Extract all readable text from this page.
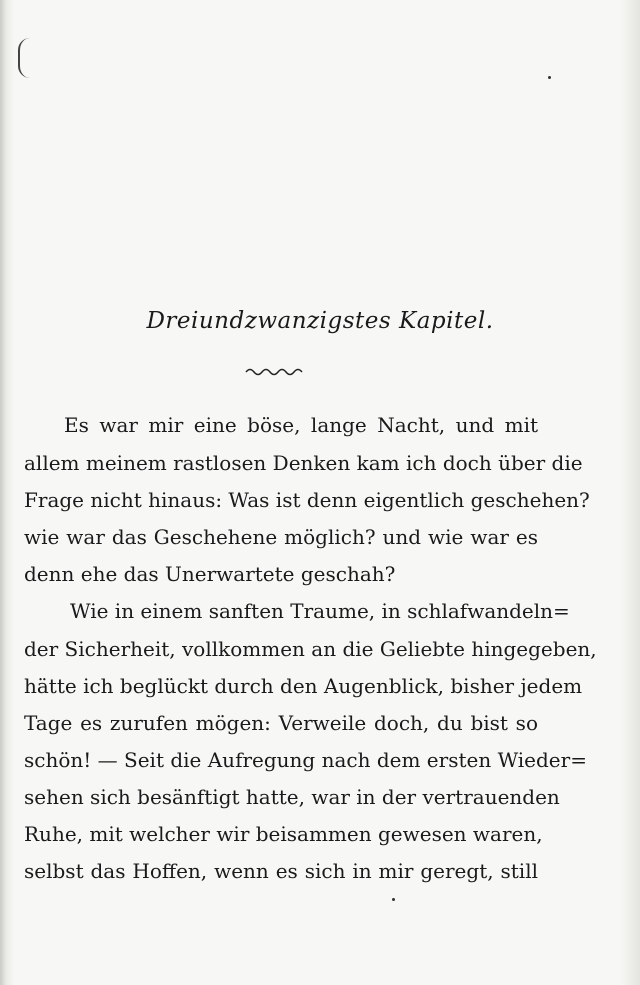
Dreiundzwanzigstes Kapitel.
Es war mir eine böse, lange Nacht, und mit
allem meinem rastlosen Denken kam ich doch über die
Frage nicht hinaus: Was ist denn eigentlich geschehen?
wie war das Geschehene möglich? und wie war es
denn ehe das Unerwartete geschah?
Wie in einem sanften Traume, in schlafwandeln=
der Sicherheit, vollkommen an die Geliebte hingegeben,
hätte ich beglückt durch den Augenblick, bisher jedem
Tage es zurufen mögen: Verweile doch, du bist so
schön! — Seit die Aufregung nach dem ersten Wieder=
sehen sich besänftigt hatte, war in der vertrauenden
Ruhe, mit welcher wir beisammen gewesen waren,
selbst das Hoffen, wenn es sich in mir geregt, still
